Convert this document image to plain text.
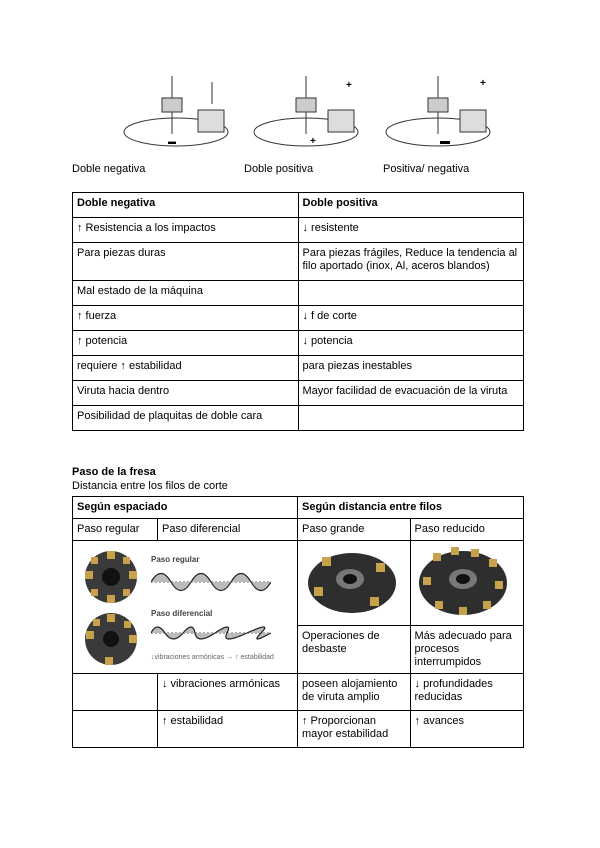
▬
+
+
+
▬
Doble negativa	Doble positiva	Positiva/ negativa
Doble negativa	Doble positiva
↑ Resistencia a los impactos	↓ resistente
Para piezas duras	Para piezas frágiles, Reduce la tendencia al filo aportado (inox, Al, aceros blandos)
Mal estado de la máquina	
↑ fuerza	↓ f de corte
↑ potencia	↓ potencia
requiere ↑ estabilidad	para piezas inestables
Viruta hacia dentro	Mayor facilidad de evacuación de la viruta
Posibilidad de plaquitas de doble cara	
Paso de la fresa
Distancia entre los filos de corte
Según espaciado		Según distancia entre filos	
Paso regular	Paso diferencial	Paso grande	Paso reducido

Paso regular
Paso diferencial
↓vibraciones armónicas → ↑ estabilidad

		Operaciones de desbaste	Más adecuado para procesos interrumpidos
	↓ vibraciones armónicas	poseen alojamiento de viruta amplio	↓ profundidades reducidas
	↑ estabilidad	↑ Proporcionan mayor estabilidad	↑ avances
